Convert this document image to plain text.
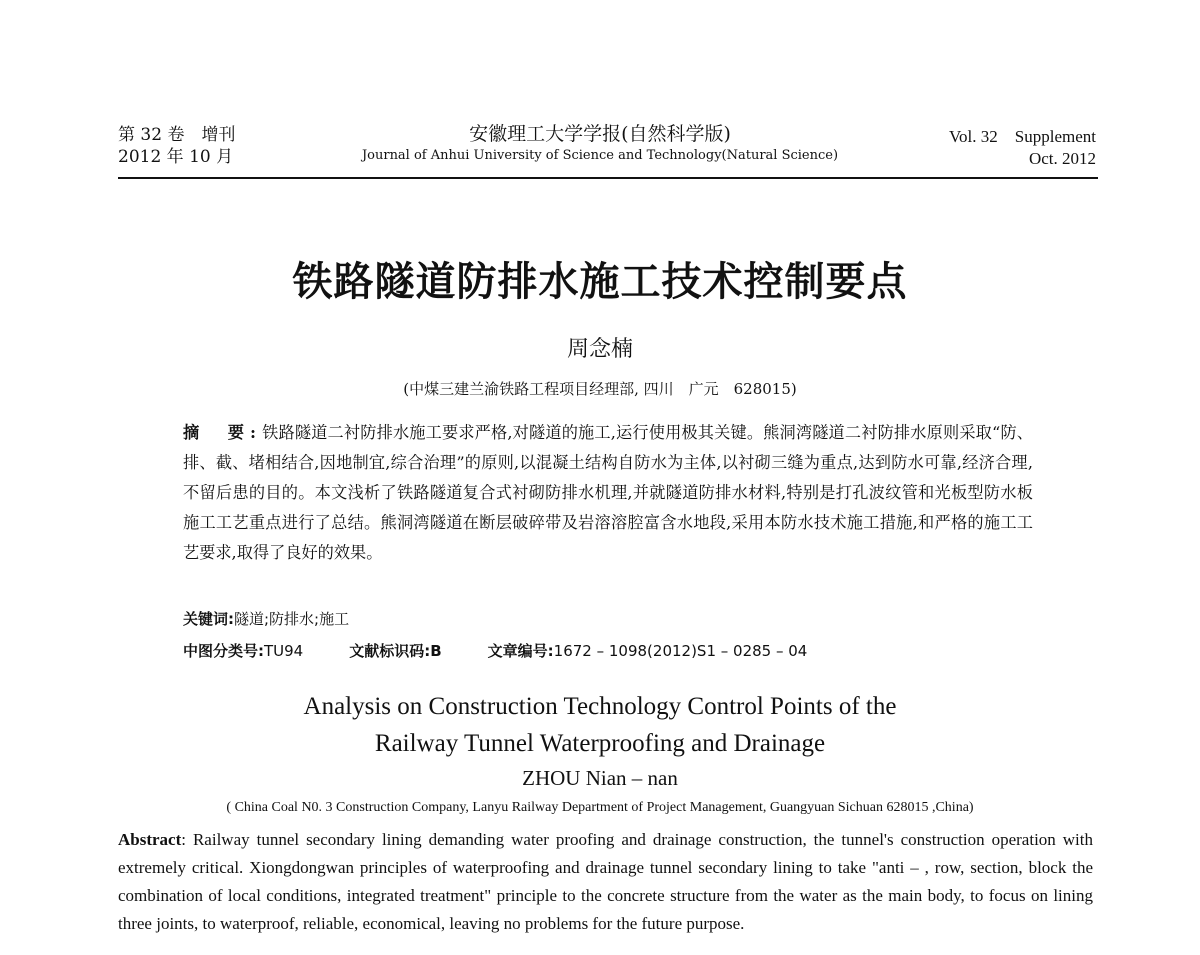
第 32 卷　增刊
2012 年 10 月
安徽理工大学学报(自然科学版)
Journal of Anhui University of Science and Technology(Natural Science)
Vol. 32　Supplement
Oct. 2012
铁路隧道防排水施工技术控制要点
周念楠
(中煤三建兰渝铁路工程项目经理部, 四川　广元　628015)
摘　要:铁路隧道二衬防排水施工要求严格,对隧道的施工,运行使用极其关键。熊洞湾隧道二衬防排水原则采取“防、排、截、堵相结合,因地制宜,综合治理”的原则,以混凝土结构自防水为主体,以衬砌三缝为重点,达到防水可靠,经济合理,不留后患的目的。本文浅析了铁路隧道复合式衬砌防排水机理,并就隧道防排水材料,特别是打孔波纹管和光板型防水板施工工艺重点进行了总结。熊洞湾隧道在断层破碎带及岩溶溶腔富含水地段,采用本防水技术施工措施,和严格的施工工艺要求,取得了良好的效果。
关键词:隧道;防排水;施工
中图分类号:TU94	文献标识码:B	文章编号:1672 – 1098(2012)S1 – 0285 – 04
Analysis on Construction Technology Control Points of the
Railway Tunnel Waterproofing and Drainage
ZHOU Nian – nan
( China Coal N0. 3 Construction Company, Lanyu Railway Department of Project Management, Guangyuan Sichuan 628015 ,China)
Abstract: Railway tunnel secondary lining demanding water proofing and drainage construction, the tunnel's construction operation with extremely critical. Xiongdongwan principles of waterproofing and drainage tunnel secondary lining to take "anti – , row, section, block the combination of local conditions, integrated treatment" principle to the concrete structure from the water as the main body, to focus on lining three joints, to waterproof, reliable, economical, leaving no problems for the future purpose.
